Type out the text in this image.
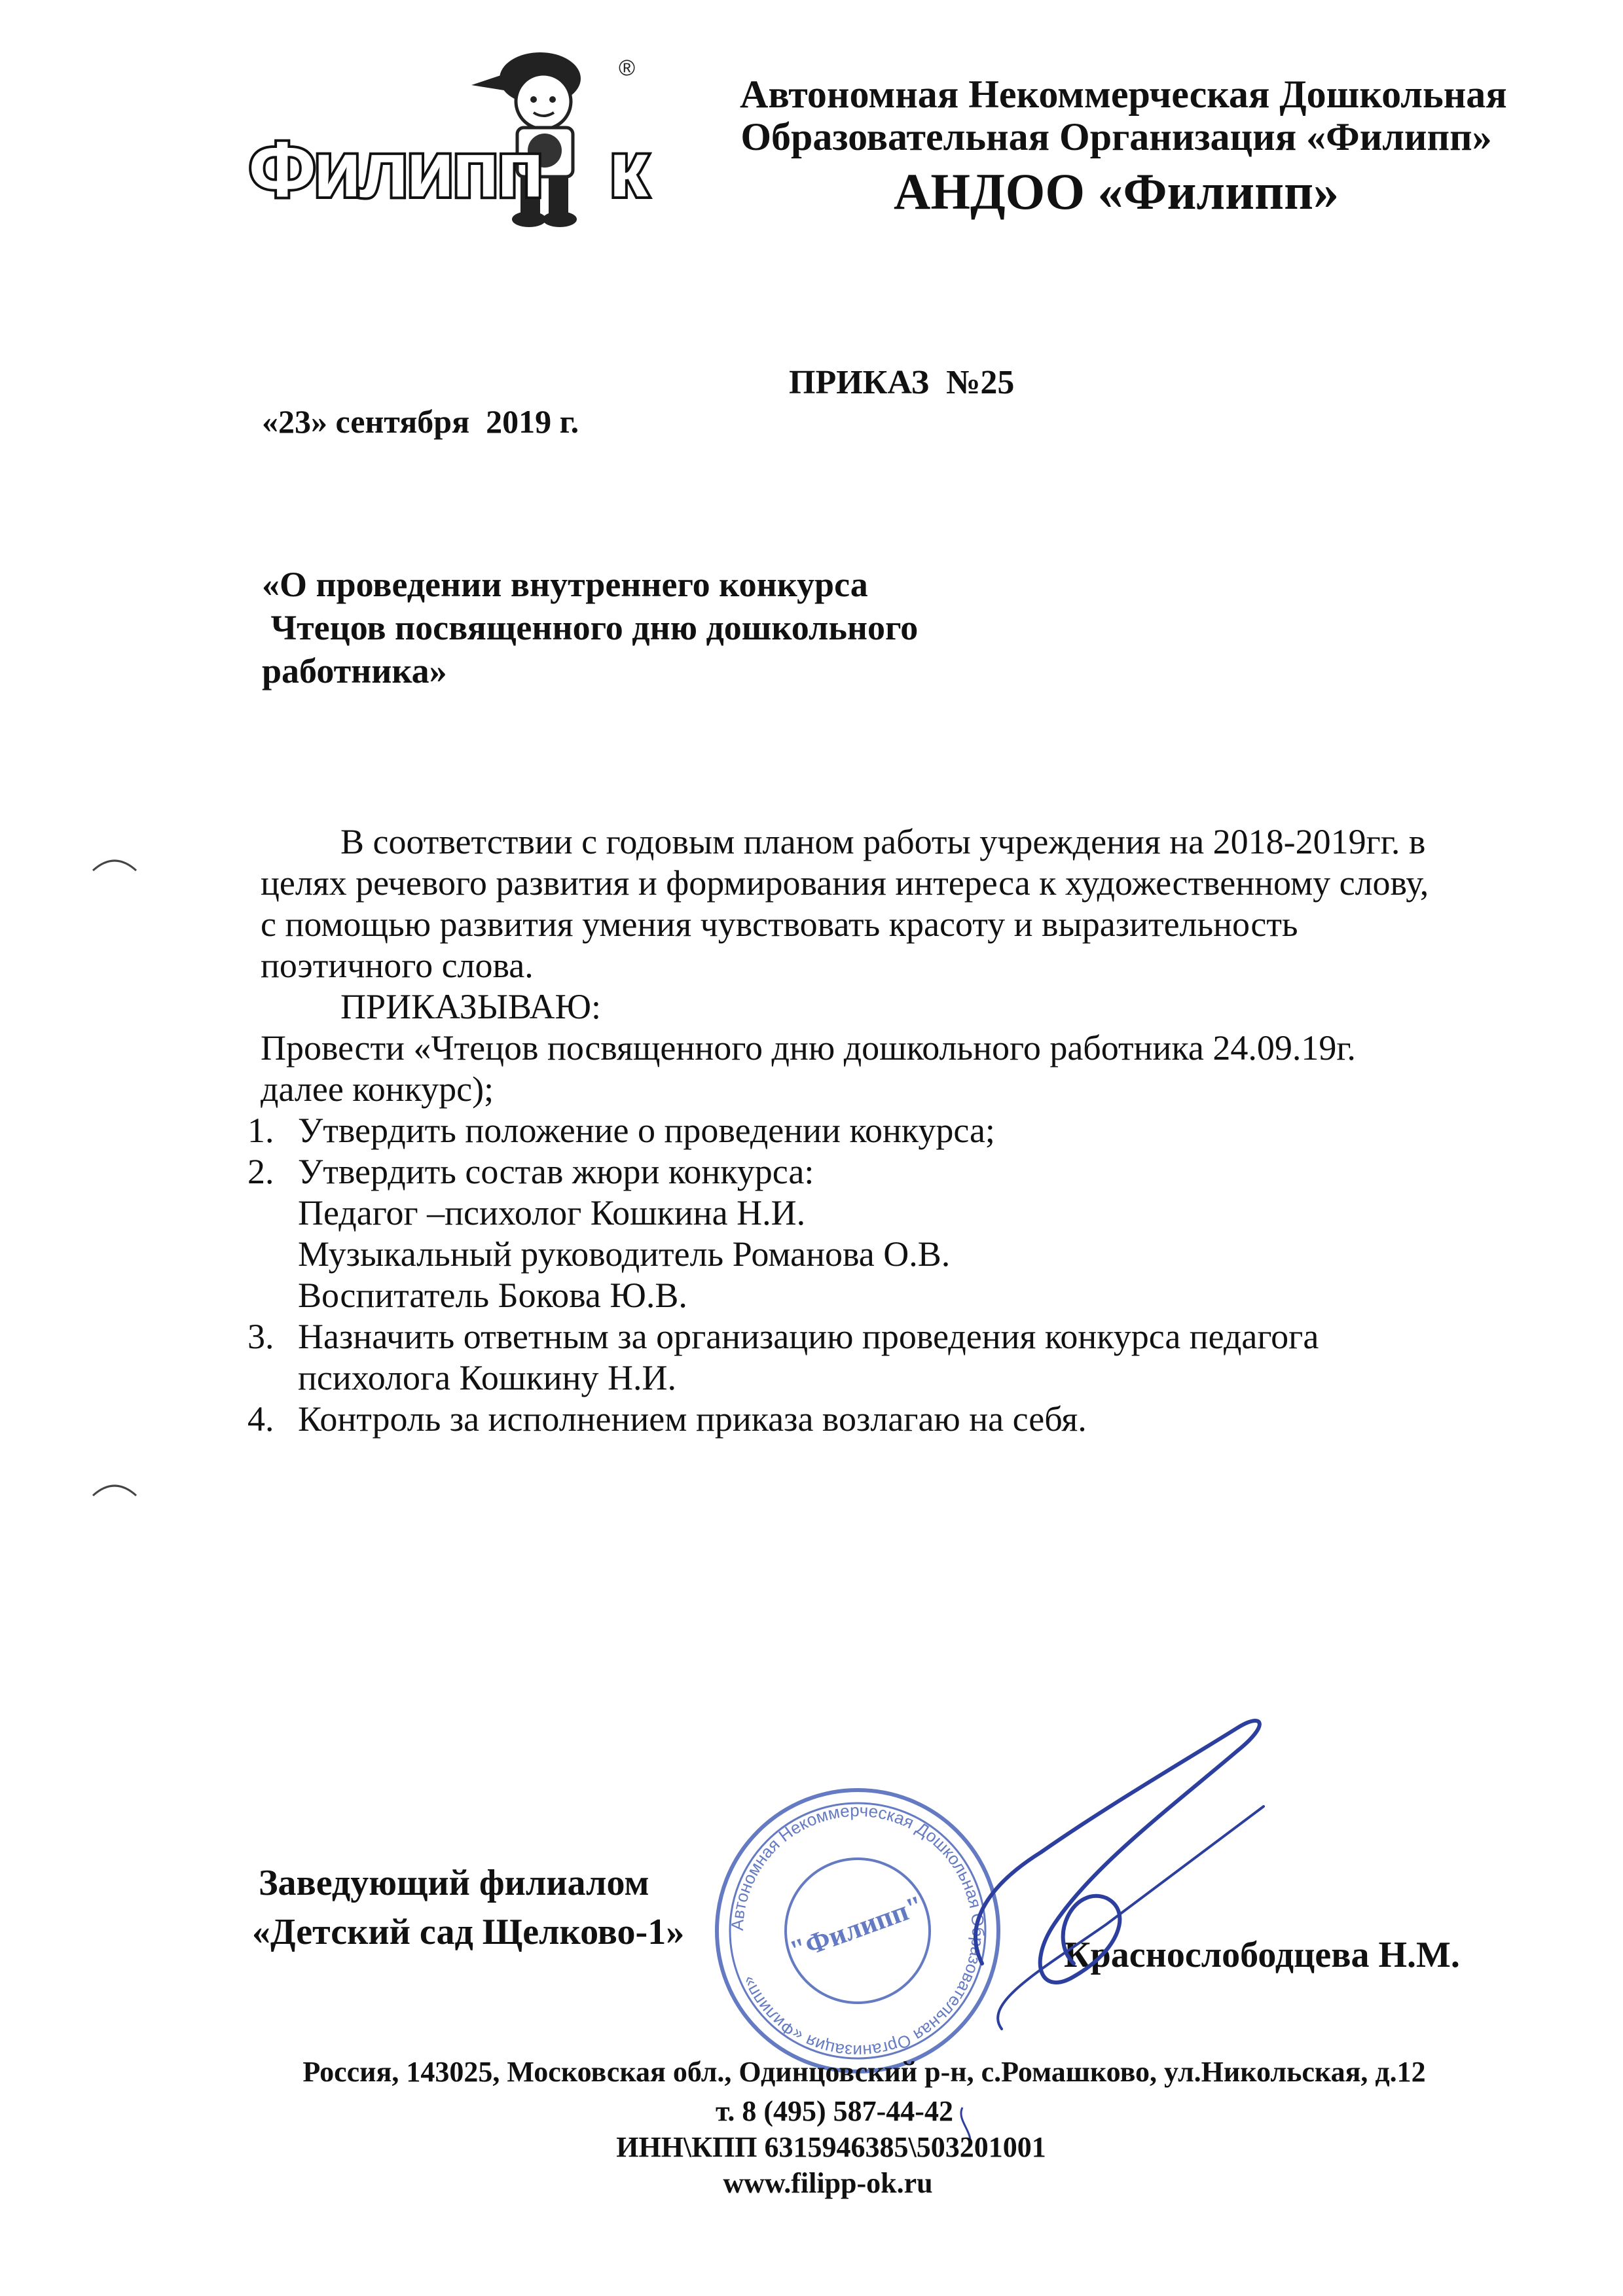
Филипп к
®
Автономная Некоммерческая Дошкольная
Образовательная Организация «Филипп»
АНДОО «Филипп»
ПРИКАЗ  №25
«23» сентября  2019 г.
«О проведении внутреннего конкурса
Чтецов посвященного дню дошкольного
работника»
В соответствии с годовым планом работы учреждения на 2018-2019гг. в
целях речевого развития и формирования интереса к художественному слову,
с помощью развития умения чувствовать красоту и выразительность
поэтичного слова.
ПРИКАЗЫВАЮ:
Провести «Чтецов посвященного дню дошкольного работника 24.09.19г.
далее конкурс);
1. Утвердить положение о проведении конкурса;
2. Утвердить состав жюри конкурса:
Педагог –психолог Кошкина Н.И.
Музыкальный руководитель Романова О.В.
Воспитатель Бокова Ю.В.
3. Назначить ответным за организацию проведения конкурса педагога
психолога Кошкину Н.И.
4. Контроль за исполнением приказа возлагаю на себя.
Заведующий филиалом
«Детский сад Щелково-1»
Краснослободцева Н.М.
Автономная Некоммерческая Дошкольная Образовательная Организация «Филипп»
"Филипп"
Россия, 143025, Московская обл., Одинцовский р-н, с.Ромашково, ул.Никольская, д.12
т. 8 (495) 587-44-42
ИНН\КПП 6315946385\503201001
www.filipp-ok.ru
